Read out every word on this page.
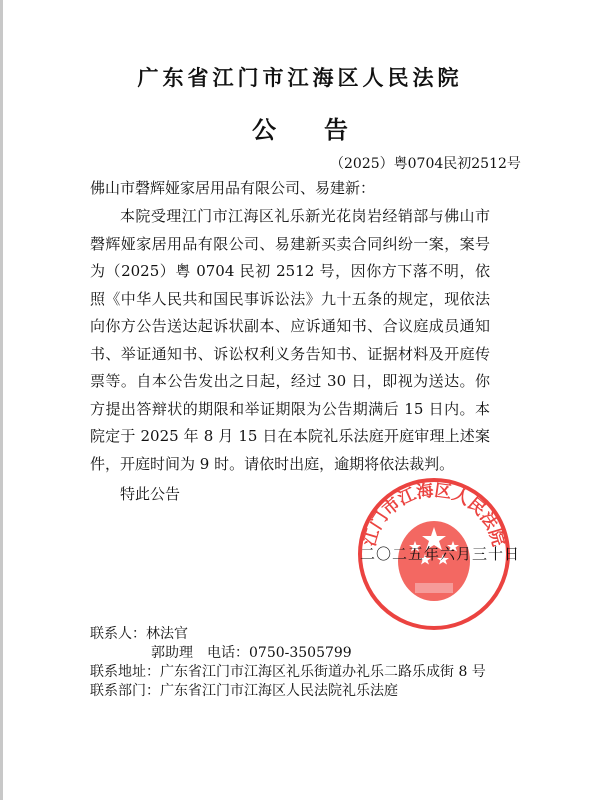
广东省江门市江海区人民法院
公 告
（2025）粤0704民初2512号
佛山市磬辉娅家居用品有限公司、易建新：

本院受理江门市江海区礼乐新光花岗岩经销部与佛山市磬辉娅家居用品有限公司、易建新买卖合同纠纷一案，案号为（2025）粤 0704 民初 2512 号，因你方下落不明，依照《中华人民共和国民事诉讼法》九十五条的规定，现依法向你方公告送达起诉状副本、应诉通知书、合议庭成员通知书、举证通知书、诉讼权利义务告知书、证据材料及开庭传票等。自本公告发出之日起，经过 30 日，即视为送达。你方提出答辩状的期限和举证期限为公告期满后 15 日内。本院定于 2025 年 8 月 15 日在本院礼乐法庭开庭审理上述案件，开庭时间为 9 时。请依时出庭，逾期将依法裁判。

特此公告
江门市江海区人民法院
二〇二五年六月三十日
联系人：林法官
郭助理 电话：0750-3505799
联系地址：广东省江门市江海区礼乐街道办礼乐二路乐成街 8 号
联系部门：广东省江门市江海区人民法院礼乐法庭
